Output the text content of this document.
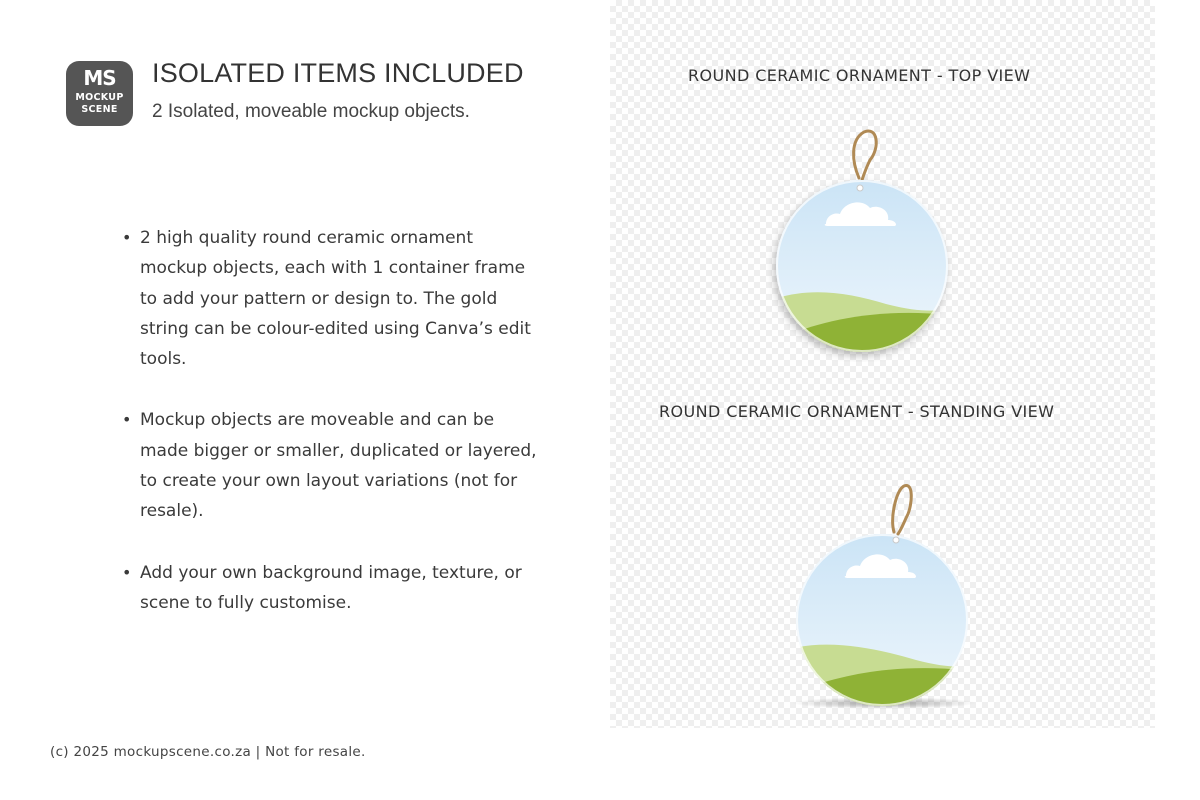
MS
MOCKUP
SCENE
ISOLATED ITEMS INCLUDED
2 Isolated, moveable mockup objects.
• 2 high quality round ceramic ornament mockup objects, each with 1 container frame to add your pattern or design to. The gold string can be colour-edited using Canva’s edit tools.
• Mockup objects are moveable and can be made bigger or smaller, duplicated or layered, to create your own layout variations (not for resale).
• Add your own background image, texture, or scene to fully customise.
(c) 2025 mockupscene.co.za | Not for resale.
ROUND CERAMIC ORNAMENT - TOP VIEW
ROUND CERAMIC ORNAMENT - STANDING VIEW
